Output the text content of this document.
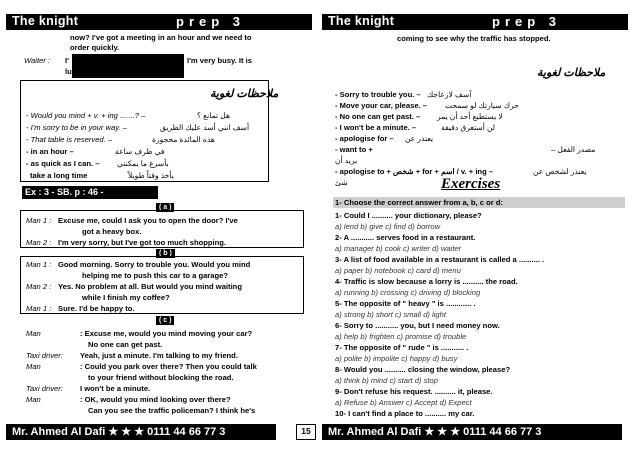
The knight	prep 3
now? I've got a meeting in an hour and we need to
order quickly.
Waiter : I'	I'm very busy. It is
lu
ملاحظات لغوية
- Would you mind + v. + ing .......? –	هل تمانع ؟
- I'm sorry to be in your way. –	أسف انني أسد عليك الطريق
- That table is reserved. –	هذه المائدة محجوزة
- in an hour –	في ظرف ساعة
- as quick as I can. – بأسرع ما يمكنني
take a long time	يأخذ وقتاً طويلاً
Ex : 3 - SB. p : 46 -
( a )
Man 1 : Excuse me, could I ask you to open the door? I've
got a heavy box.
Man 2 : I'm very sorry, but I've got too much shopping.
( b )
Man 1 : Good morning. Sorry to trouble you. Would you mind
helping me to push this car to a garage?
Man 2 : Yes. No problem at all. But would you mind waiting
while I finish my coffee?
Man 1 : Sure. I'd be happy to.
( c )
Man	: Excuse me, would you mind moving your car?
No one can get past.
Taxi driver: Yeah, just a minute. I'm talking to my friend.
Man	: Could you park over there? Then you could talk
to your friend without blocking the road.
Taxi driver: I won't be a minute.
Man	: OK, would you mind looking over there?
Can you see the traffic policeman? I think he's
Mr. Ahmed Al Dafi ★ ★ ★ 0111 44 66 77 3	15
The knight	prep 3
coming to see why the traffic has stopped.
ملاحظات لغوية
- Sorry to trouble you. – آسف لازعاجك
- Move your car, please. – حرك سيارتك لو سمحت
- No one can get past. – لا يستطيع أحد أن يمر
- I won't be a minute. –	لن أستغرق دقيقة
- apologise for – يعتذر عن
- want to +	مصدر الفعل –
يريد أن
- apologise to + شخص + for + اسم / v. + ing –	يعتذر لشخص عن
شئ	Exercises
1- Choose the correct answer from a, b, c or d:
1- Could I .......... your dictionary, please?
a) lend b) give c) find d) borrow
2- A ........... serves food in a restaurant.
a) manager b) cook c) writer d) waiter
3- A list of food available in a restaurant is called a .......... .
a) paper b) notebook c) card d) menu
4- Traffic is slow because a lorry is .......... the road.
a) running b) crossing c) driving d) blocking
5- The opposite of " heavy " is ............ .
a) strong b) short c) small d) light
6- Sorry to ........... you, but I need money now.
a) help b) frighten c) promise d) trouble
7- The opposite of " rude " is ........... .
a) polite b) impolite c) happy d) busy
8- Would you .......... closing the window, please?
a) think b) mind c) start d) stop
9- Don't refuse his request. .......... it, please.
a) Refuse b) Answer c) Accept d) Expect
10- I can't find a place to .......... my car.
Mr. Ahmed Al Dafi ★ ★ ★ 0111 44 66 77 3
